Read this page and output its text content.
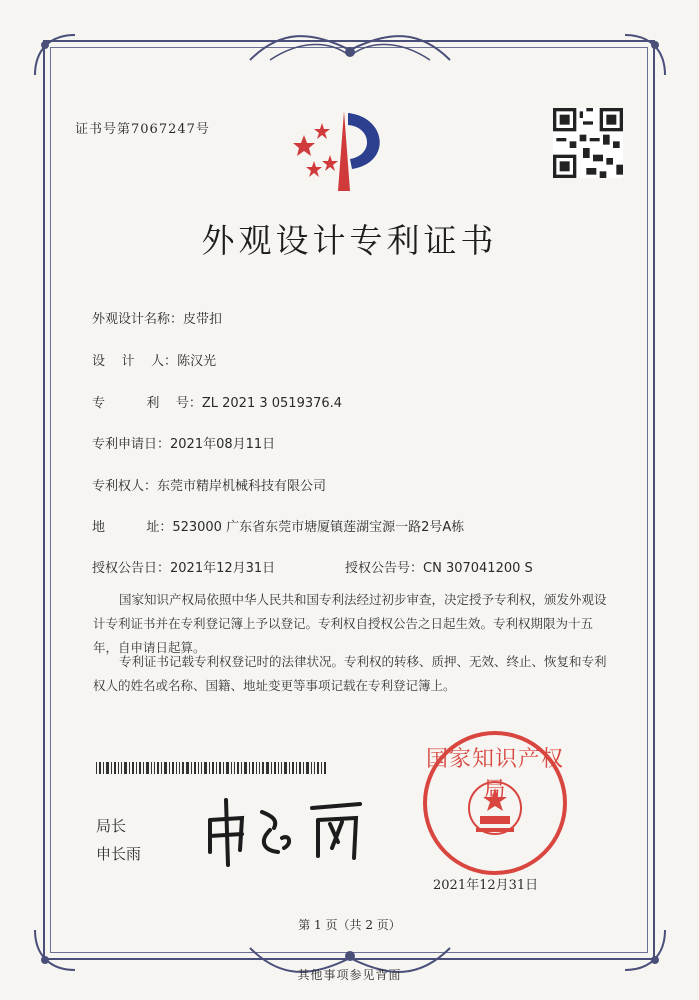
证书号第7067247号
外观设计专利证书
外观设计名称：皮带扣
设    计    人：陈汉光
专          利    号：ZL 2021 3 0519376.4
专利申请日：2021年08月11日
专利权人：东莞市精岸机械科技有限公司
地          址：523000 广东省东莞市塘厦镇莲湖宝源一路2号A栋
授权公告日：2021年12月31日	授权公告号：CN 307041200 S
国家知识产权局依照中华人民共和国专利法经过初步审查，决定授予专利权，颁发外观设计专利证书并在专利登记簿上予以登记。专利权自授权公告之日起生效。专利权期限为十五年，自申请日起算。
专利证书记载专利权登记时的法律状况。专利权的转移、质押、无效、终止、恢复和专利权人的姓名或名称、国籍、地址变更等事项记载在专利登记簿上。
局长
申长雨
国家知识产权局
2021年12月31日
第 1 页（共 2 页）
其他事项参见背面
